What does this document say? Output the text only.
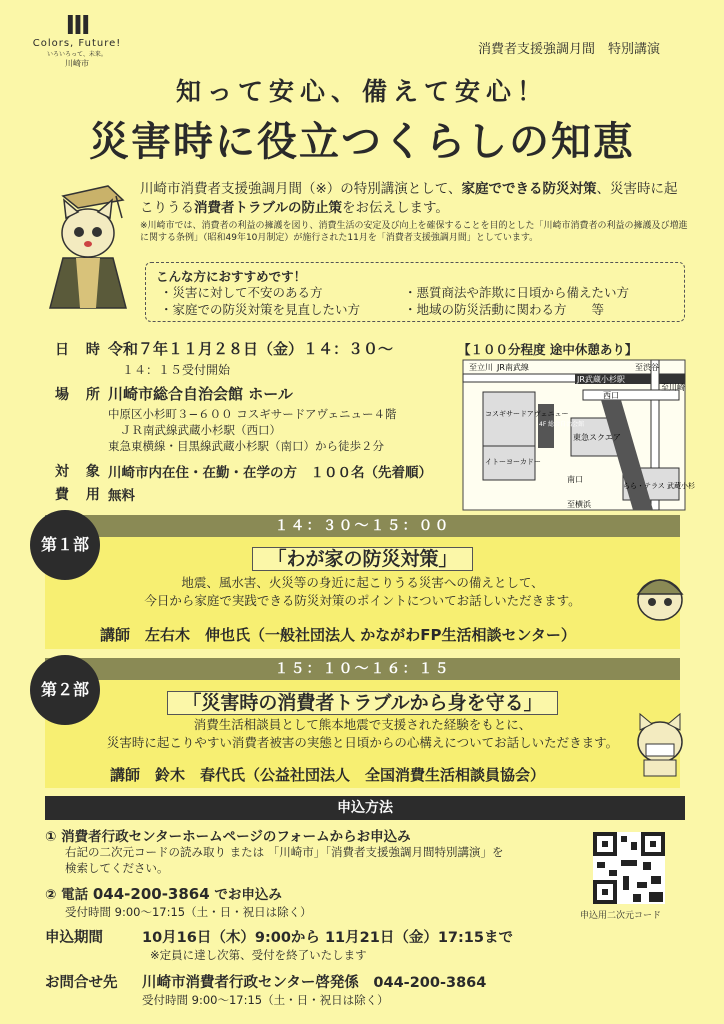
III
Colors, Future!
いろいろって、未来。
川崎市
消費者支援強調月間　特別講演
知って安心、備えて安心！
災害時に役立つくらしの知恵
川崎市消費者支援強調月間（※）の特別講演として、家庭でできる防災対策、災害時に起こりうる消費者トラブルの防止策をお伝えします。
※川崎市では、消費者の利益の擁護を図り、消費生活の安定及び向上を確保することを目的とした「川崎市消費者の利益の擁護及び増進に関する条例」（昭和49年10月制定）が施行された11月を「消費者支援強調月間」としています。
こんな方におすすめです！
・災害に対して不安のある方	・悪質商法や詐欺に日頃から備えたい方
・家庭での防災対策を見直したい方	・地域の防災活動に関わる方　　等
日 時 令和７年１１月２８日（金）１４：３０〜	【１００分程度 途中休憩あり】
１４：１５受付開始
場 所 川崎市総合自治会館 ホール
中原区小杉町３−６００ コスギサードアヴェニュー４階
ＪＲ南武線武蔵小杉駅（西口）
東急東横線・目黒線武蔵小杉駅（南口）から徒歩２分
対 象 川崎市内在住・在勤・在学の方　１００名（先着順）
費 用 無料
至立川 JR南武線	至渋谷
JR武蔵小杉駅
西口
至川崎
コスギサードアヴェニュー
4F 総合自治会館
東急スクエア
イトーヨーカドー
南口
らら・テラス 武蔵小杉
至横浜
１４：３０〜１５：００
第１部
「わが家の防災対策」
地震、風水害、火災等の身近に起こりうる災害への備えとして、
今日から家庭で実践できる防災対策のポイントについてお話しいただきます。
講師　左右木　伸也氏（一般社団法人 かながわFP生活相談センター）
１５：１０〜１６：１５
第２部
「災害時の消費者トラブルから身を守る」
消費生活相談員として熊本地震で支援された経験をもとに、
災害時に起こりやすい消費者被害の実態と日頃からの心構えについてお話しいただきます。
講師　鈴木　春代氏（公益社団法人　全国消費生活相談員協会）
申込方法
① 消費者行政センターホームページのフォームからお申込み
右記の二次元コードの読み取り または 「川崎市」「消費者支援強調月間特別講演」を
検索してください。
② 電話 044-200-3864 でお申込み
受付時間 9:00〜17:15（土・日・祝日は除く）
申込期間	10月16日（木）9:00から 11月21日（金）17:15まで
※定員に達し次第、受付を終了いたします
お問合せ先 川崎市消費者行政センター啓発係　044-200-3864
受付時間 9:00〜17:15（土・日・祝日は除く）
申込用二次元コード
